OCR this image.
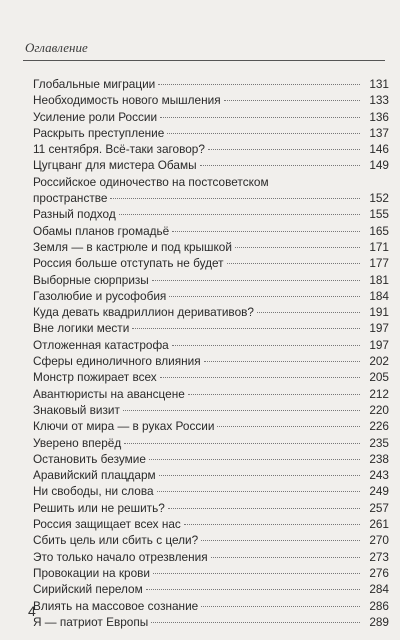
Оглавление
Глобальные миграции	131
Необходимость нового мышления	133
Усиление роли России	136
Раскрыть преступление	137
11 сентября. Всё-таки заговор?	146
Цугцванг для мистера Обамы	149
Российское одиночество на постсоветском
пространстве	152
Разный подход	155
Обамы планов громадьё	165
Земля — в кастрюле и под крышкой	171
Россия больше отступать не будет	177
Выборные сюрпризы	181
Газолюбие и русофобия	184
Куда девать квадриллион деривативов?	191
Вне логики мести	197
Отложенная катастрофа	197
Сферы единоличного влияния	202
Монстр пожирает всех	205
Авантюристы на авансцене	212
Знаковый визит	220
Ключи от мира — в руках России	226
Уверено вперёд	235
Остановить безумие	238
Аравийский плацдарм	243
Ни свободы, ни слова	249
Решить или не решить?	257
Россия защищает всех нас	261
Сбить цель или сбить с цели?	270
Это только начало отрезвления	273
Провокации на крови	276
Сирийский перелом	284
Влиять на массовое сознание	286
Я — патриот Европы	289
4
